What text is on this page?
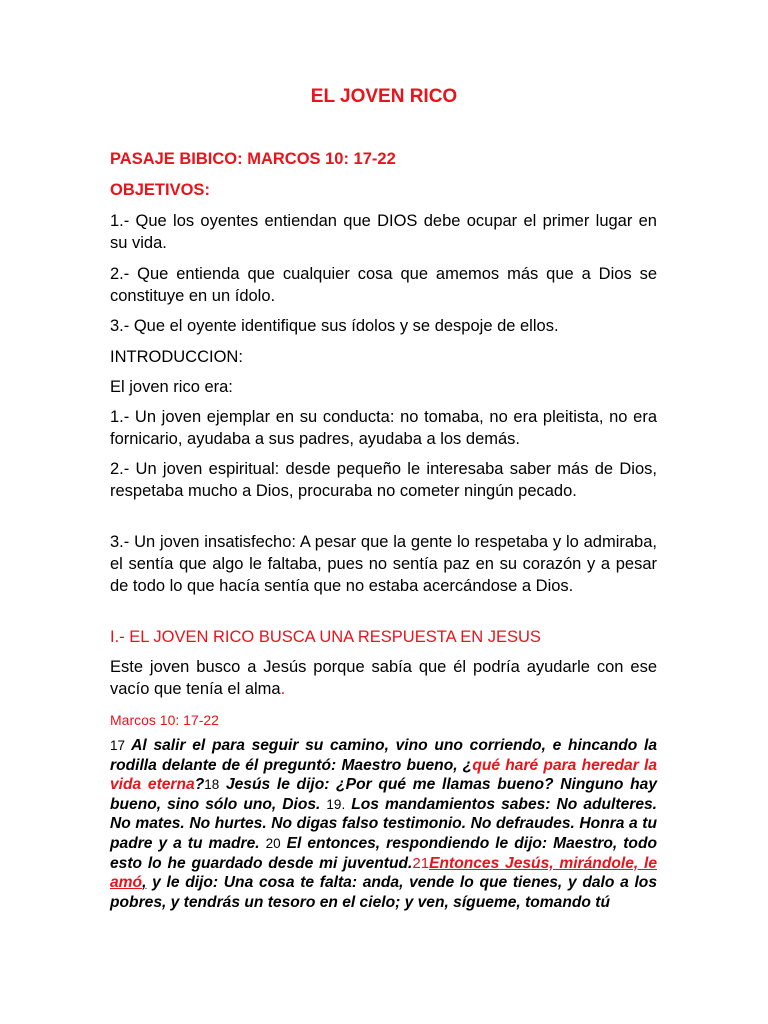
EL JOVEN RICO
PASAJE BIBICO: MARCOS 10: 17-22
OBJETIVOS:
1.- Que los oyentes entiendan que DIOS debe ocupar el primer lugar en su vida.
2.- Que entienda que cualquier cosa que amemos más que a Dios se constituye en un ídolo.
3.- Que el oyente identifique sus ídolos y se despoje de ellos.
INTRODUCCION:
El joven rico era:
1.- Un joven ejemplar en su conducta: no tomaba, no era pleitista, no era fornicario, ayudaba a sus padres, ayudaba a los demás.
2.- Un joven espiritual: desde pequeño le interesaba saber más de Dios, respetaba mucho a Dios, procuraba no cometer ningún pecado.
3.- Un joven insatisfecho: A pesar que la gente lo respetaba y lo admiraba, el sentía que algo le faltaba, pues no sentía paz en su corazón y a pesar de todo lo que hacía sentía que no estaba acercándose a Dios.
I.- EL JOVEN RICO BUSCA UNA RESPUESTA EN JESUS
Este joven busco a Jesús porque sabía que él podría ayudarle con ese vacío que tenía el alma.
Marcos 10: 17-22
17 Al salir el para seguir su camino, vino uno corriendo, e hincando la rodilla delante de él preguntó: Maestro bueno, ¿qué haré para heredar la vida eterna?18 Jesús le dijo: ¿Por qué me llamas bueno? Ninguno hay bueno, sino sólo uno, Dios. 19. Los mandamientos sabes: No adulteres. No mates. No hurtes. No digas falso testimonio. No defraudes. Honra a tu padre y a tu madre. 20 El entonces, respondiendo le dijo: Maestro, todo esto lo he guardado desde mi juventud.21Entonces Jesús, mirándole, le amó, y le dijo: Una cosa te falta: anda, vende lo que tienes, y dalo a los pobres, y tendrás un tesoro en el cielo; y ven, sígueme, tomando tú
